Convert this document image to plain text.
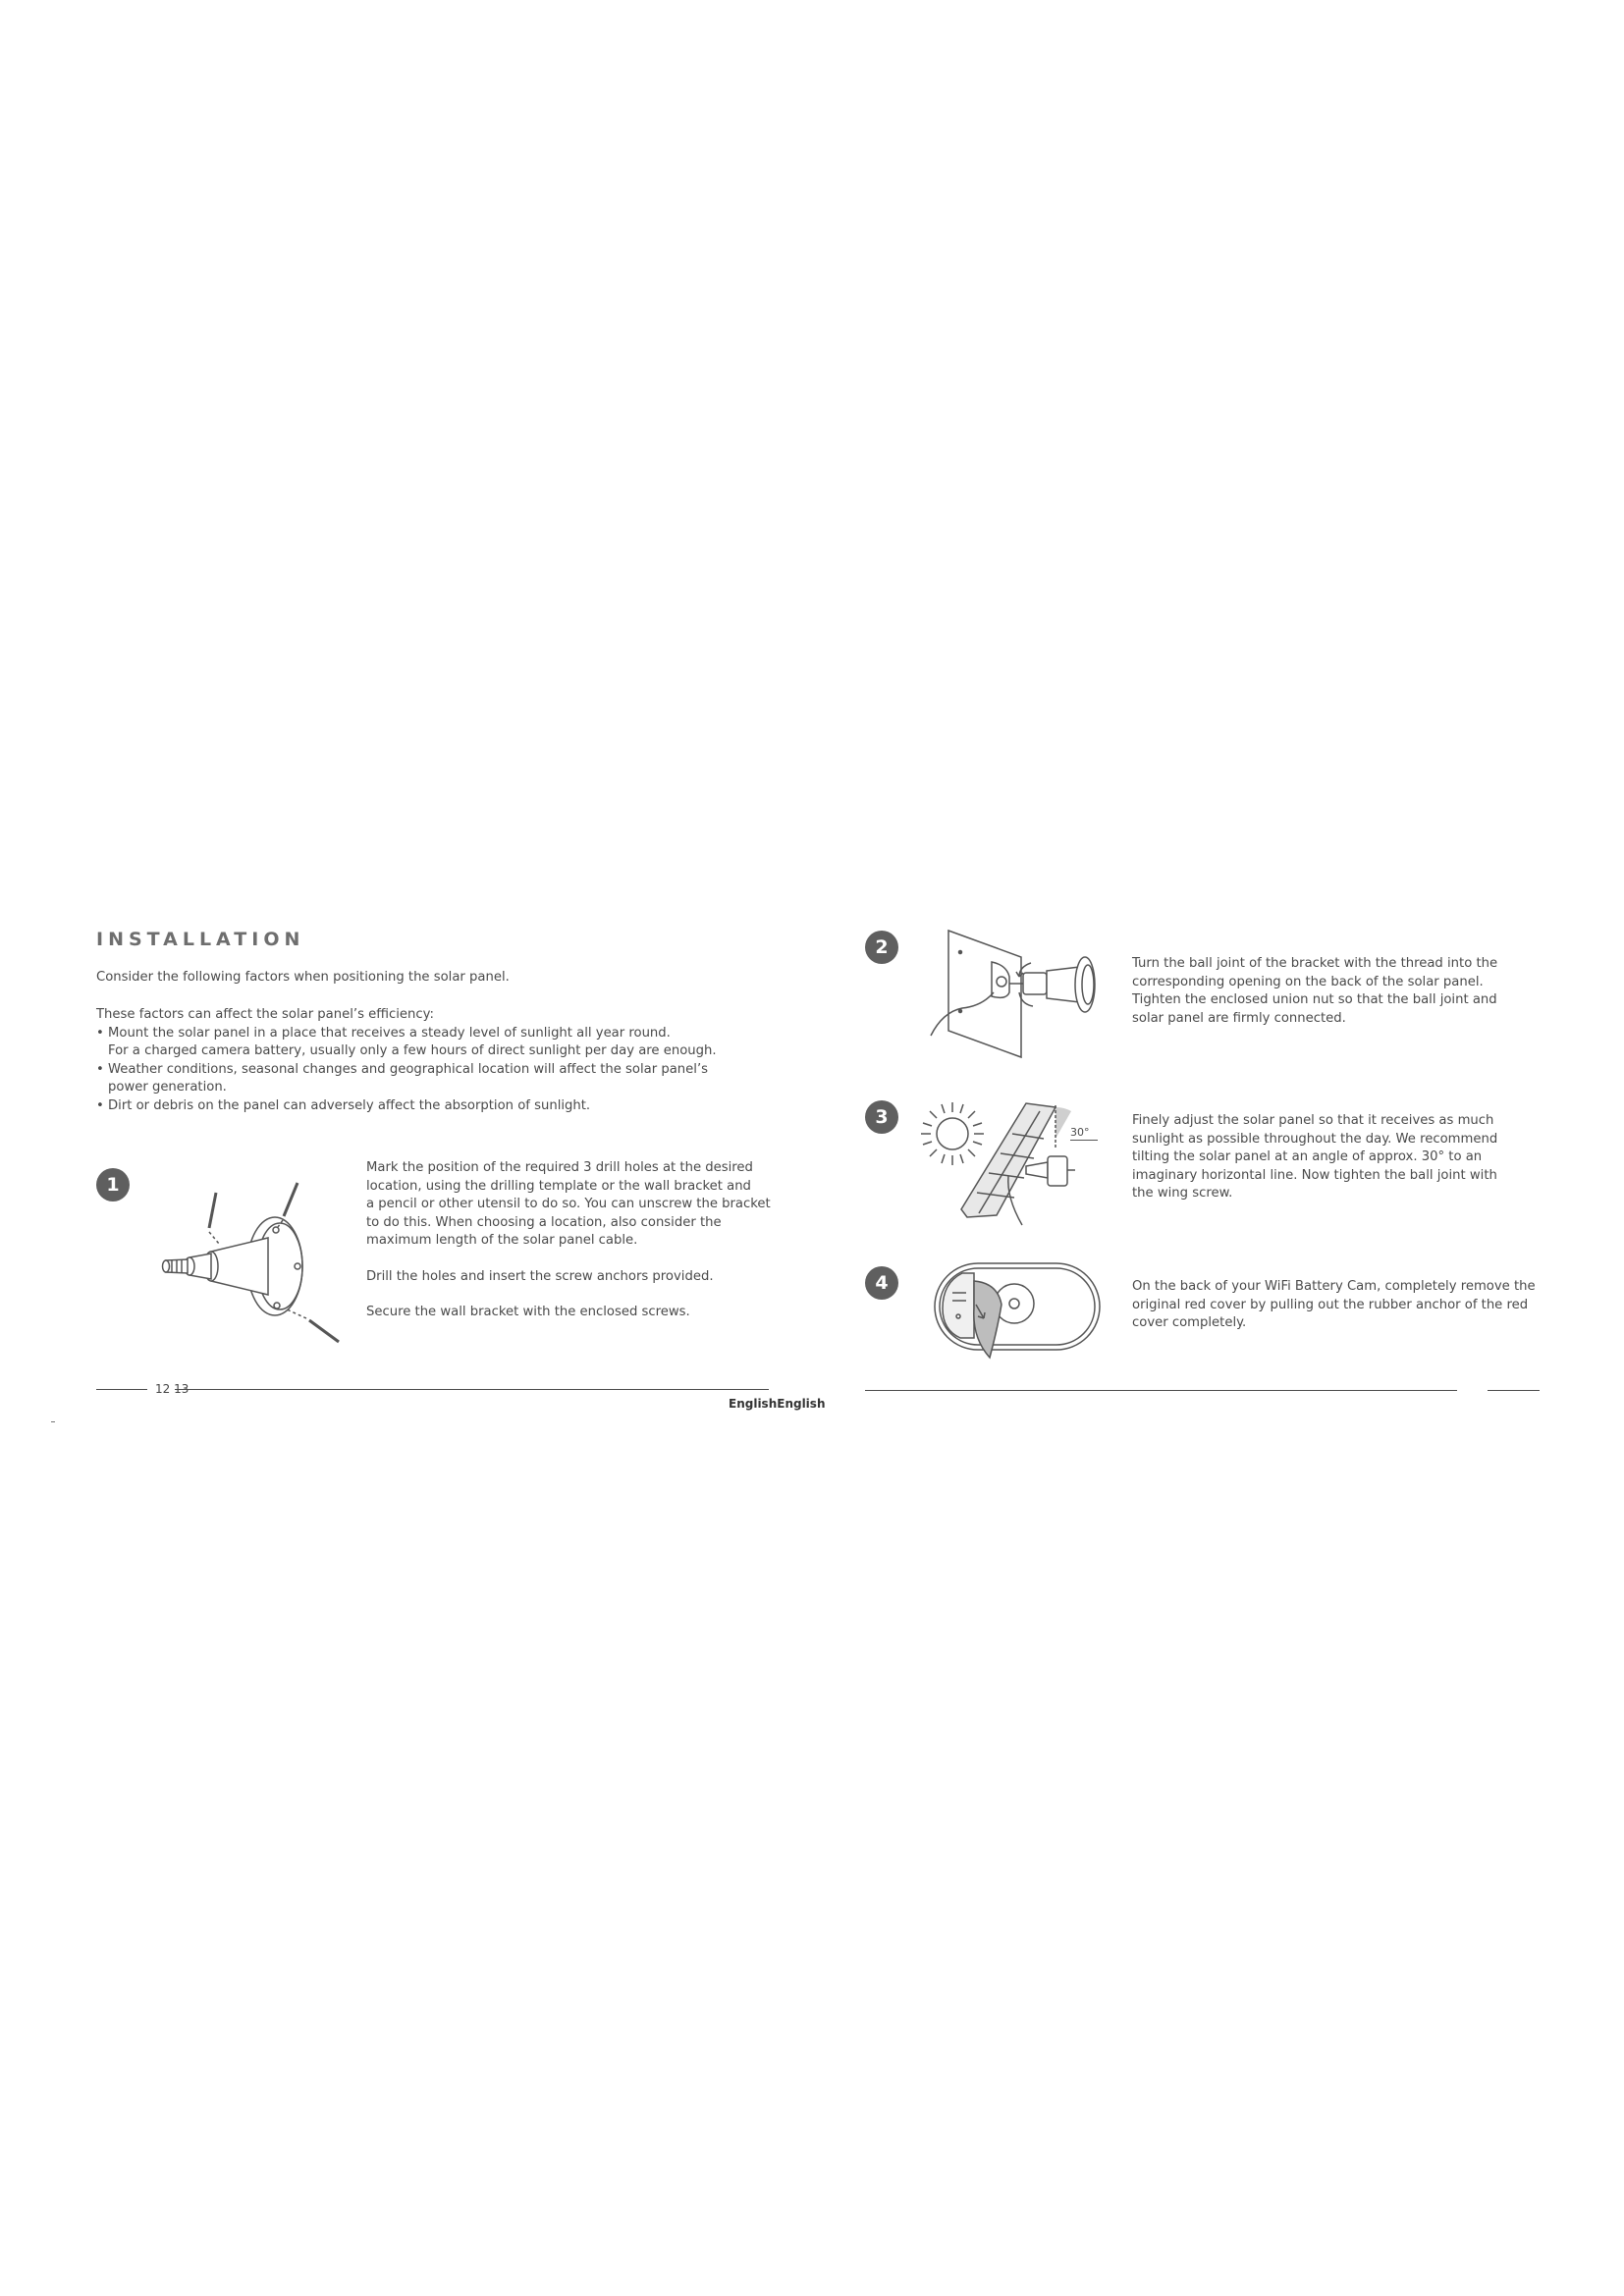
INSTALLATION
Consider the following factors when positioning the solar panel.
These factors can affect the solar panel’s efficiency:
• Mount the solar panel in a place that receives a steady level of sunlight all year round.
For a charged camera battery, usually only a few hours of direct sunlight per day are enough.
• Weather conditions, seasonal changes and geographical location will affect the solar panel’s
power generation.
• Dirt or debris on the panel can adversely affect the absorption of sunlight.
1
Mark the position of the required 3 drill holes at the desired
location, using the drilling template or the wall bracket and
a pencil or other utensil to do so. You can unscrew the bracket
to do this. When choosing a location, also consider the
maximum length of the solar panel cable.
Drill the holes and insert the screw anchors provided.
Secure the wall bracket with the enclosed screws.
12 13
EnglishEnglish
2
Turn the ball joint of the bracket with the thread into the
corresponding opening on the back of the solar panel.
Tighten the enclosed union nut so that the ball joint and
solar panel are firmly connected.
3
30°
Finely adjust the solar panel so that it receives as much
sunlight as possible throughout the day. We recommend
tilting the solar panel at an angle of approx. 30° to an
imaginary horizontal line. Now tighten the ball joint with
the wing screw.
4	On the back of your WiFi Battery Cam, completely remove the
original red cover by pulling out the rubber anchor of the red
cover completely.
